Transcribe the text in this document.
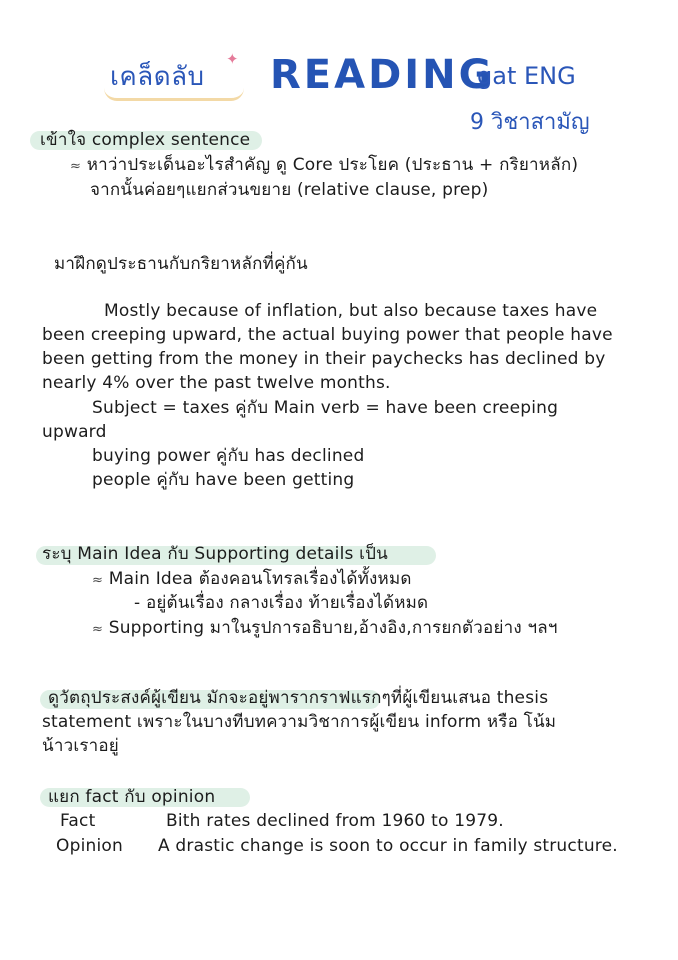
เคล็ดลับ
✦ READING
gat ENG
9 วิชาสามัญ
เข้าใจ complex sentence
≈ หาว่าประเด็นอะไรสำคัญ ดู Core ประโยค (ประธาน + กริยาหลัก)
จากนั้นค่อยๆแยกส่วนขยาย (relative clause, prep)
มาฝึกดูประธานกับกริยาหลักที่คู่กัน
Mostly because of inflation, but also because taxes have
been creeping upward, the actual buying power that people have
been getting from the money in their paychecks has declined by
nearly 4% over the past twelve months.
Subject = taxes คู่กับ Main verb = have been creeping
upward
buying power คู่กับ has declined
people คู่กับ have been getting
ระบุ Main Idea กับ Supporting details เป็น
≈ Main Idea ต้องคอนโทรลเรื่องได้ทั้งหมด
- อยู่ต้นเรื่อง กลางเรื่อง ท้ายเรื่องได้หมด
≈ Supporting มาในรูปการอธิบาย,อ้างอิง,การยกตัวอย่าง ฯลฯ
ดูวัตถุประสงค์ผู้เขียน มักจะอยู่พารากราฟแรกๆที่ผู้เขียนเสนอ thesis
statement เพราะในบางทีบทความวิชาการผู้เขียน inform หรือ โน้ม
น้าวเราอยู่
แยก fact กับ opinion
Fact	Bith rates declined from 1960 to 1979.
Opinion A drastic change is soon to occur in family structure.
